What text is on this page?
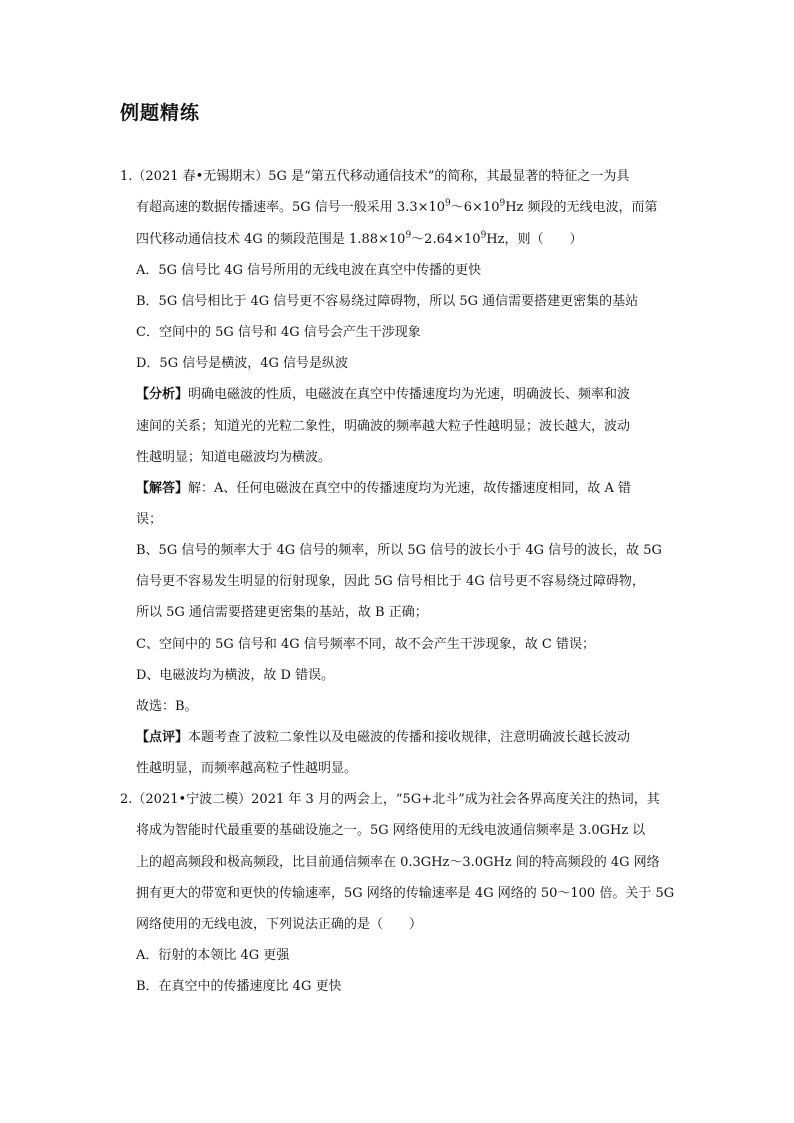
例题精练
1.（2021 春•无锡期末）5G 是“第五代移动通信技术”的简称，其最显著的特征之一为具
有超高速的数据传播速率。5G 信号一般采用 $3.3\times 10^9\sim 6\times 10^9Hz$ 频段的无线电波，而第
四代移动通信技术 4G 的频段范围是 $1.88\times 10^9\sim 2.64\times 10^9Hz$，则（　　）
A．5G 信号比 4G 信号所用的无线电波在真空中传播的更快
B．5G 信号相比于 4G 信号更不容易绕过障碍物，所以 5G 通信需要搭建更密集的基站
C．空间中的 5G 信号和 4G 信号会产生干涉现象
D．5G 信号是横波，4G 信号是纵波
【分析】明确电磁波的性质，电磁波在真空中传播速度均为光速，明确波长、频率和波
速间的关系；知道光的光粒二象性，明确波的频率越大粒子性越明显；波长越大，波动
性越明显；知道电磁波均为横波。
【解答】解：A、任何电磁波在真空中的传播速度均为光速，故传播速度相同，故 A 错
误；
B、5G 信号的频率大于 4G 信号的频率，所以 5G 信号的波长小于 4G 信号的波长，故 5G
信号更不容易发生明显的衍射现象，因此 5G 信号相比于 4G 信号更不容易绕过障碍物，
所以 5G 通信需要搭建更密集的基站，故 B 正确；
C、空间中的 5G 信号和 4G 信号频率不同，故不会产生干涉现象，故 C 错误；
D、电磁波均为横波，故 D 错误。
故选：B。
【点评】本题考查了波粒二象性以及电磁波的传播和接收规律，注意明确波长越长波动
性越明显，而频率越高粒子性越明显。
2.（2021•宁波二模）2021 年 3 月的两会上，“5G+北斗”成为社会各界高度关注的热词，其
将成为智能时代最重要的基础设施之一。5G 网络使用的无线电波通信频率是 3.0GHz 以
上的超高频段和极高频段，比目前通信频率在 0.3GHz～3.0GHz 间的特高频段的 4G 网络
拥有更大的带宽和更快的传输速率，5G 网络的传输速率是 4G 网络的 50～100 倍。关于 5G
网络使用的无线电波，下列说法正确的是（　　）
A．衍射的本领比 4G 更强
B．在真空中的传播速度比 4G 更快
